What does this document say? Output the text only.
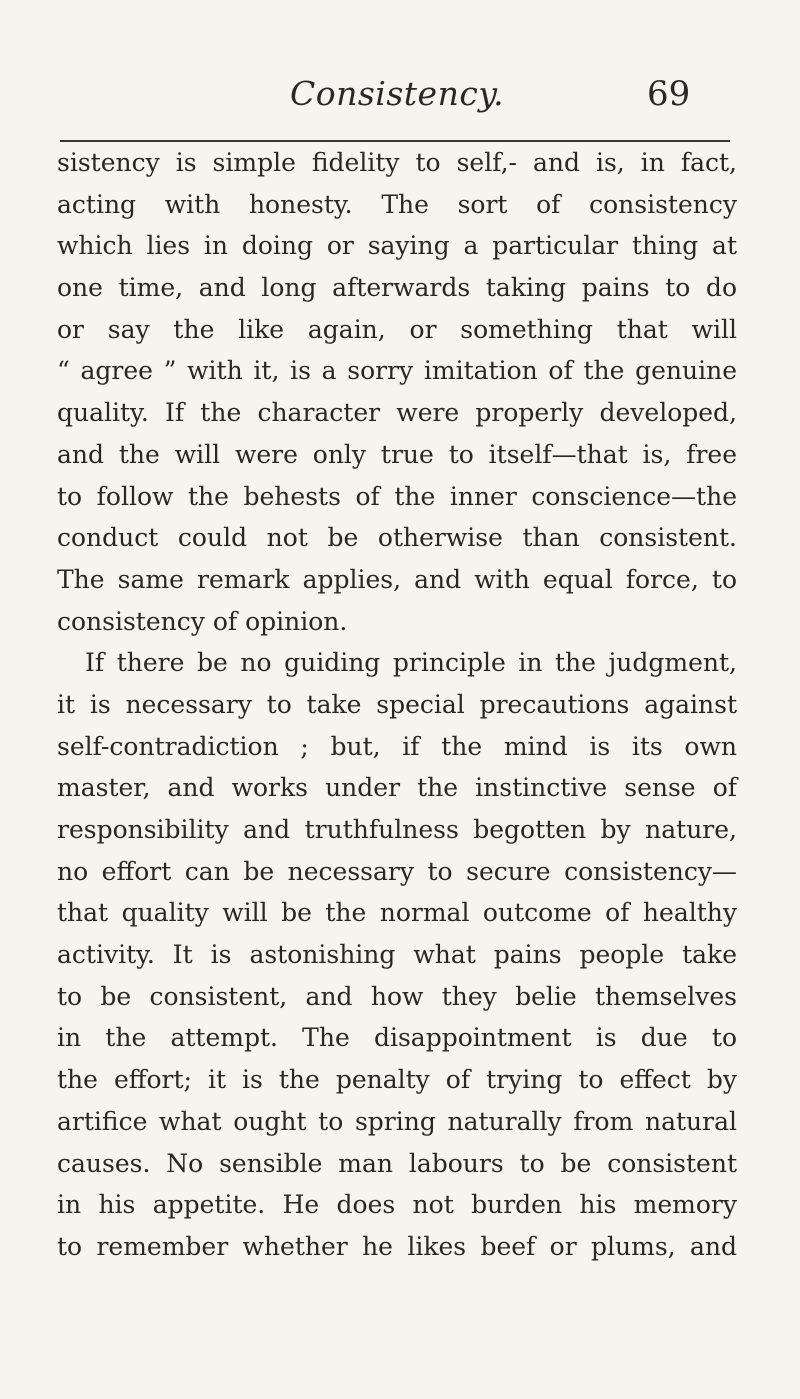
Consistency.	69
sistency is simple fidelity to self,- and is, in fact,
acting with honesty. The sort of consistency
which lies in doing or saying a particular thing at
one time, and long afterwards taking pains to do
or say the like again, or something that will
“ agree ” with it, is a sorry imitation of the genuine
quality. If the character were properly developed,
and the will were only true to itself—that is, free
to follow the behests of the inner conscience—the
conduct could not be otherwise than consistent.
The same remark applies, and with equal force, to
consistency of opinion.
If there be no guiding principle in the judgment,
it is necessary to take special precautions against
self-contradiction ; but, if the mind is its own
master, and works under the instinctive sense of
responsibility and truthfulness begotten by nature,
no effort can be necessary to secure consistency—
that quality will be the normal outcome of healthy
activity. It is astonishing what pains people take
to be consistent, and how they belie themselves
in the attempt. The disappointment is due to
the effort; it is the penalty of trying to effect by
artifice what ought to spring naturally from natural
causes. No sensible man labours to be consistent
in his appetite. He does not burden his memory
to remember whether he likes beef or plums, and
